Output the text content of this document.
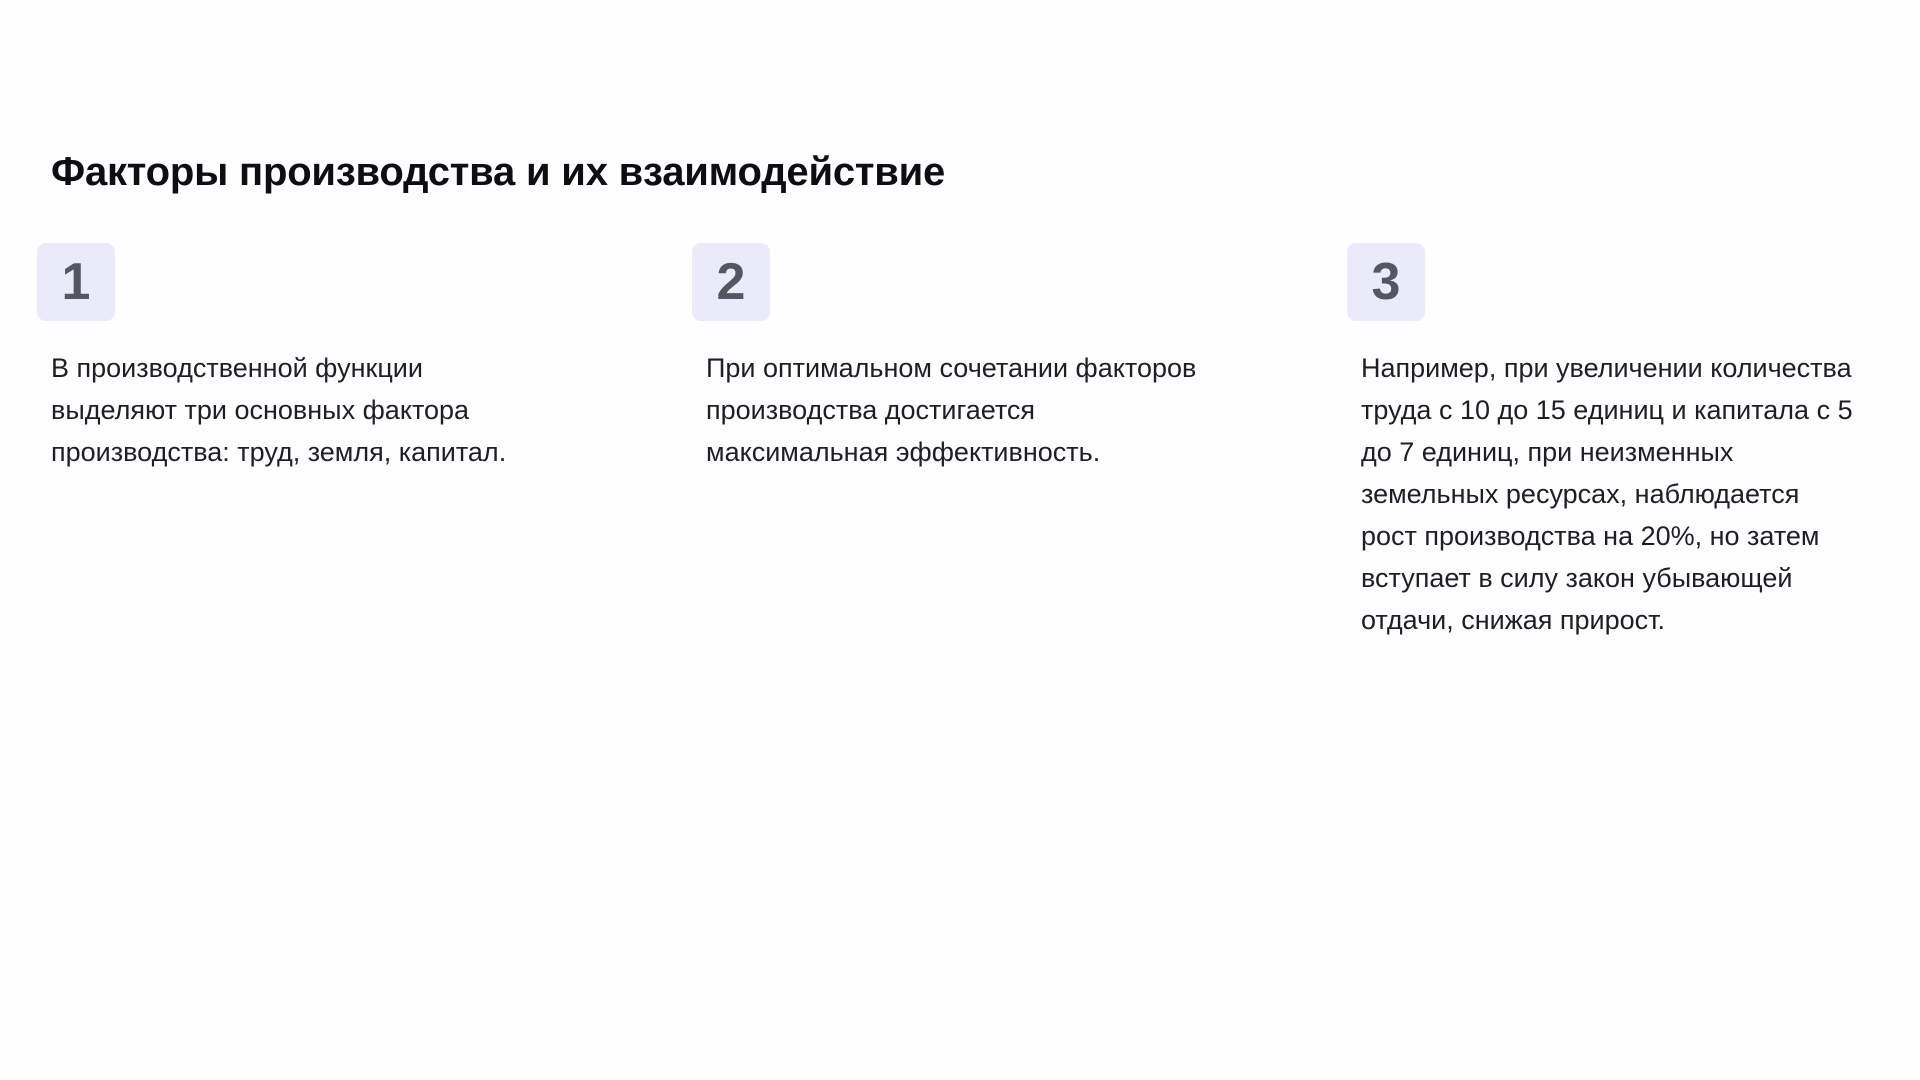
Факторы производства и их взаимодействие
1
В производственной функции выделяют три основных фактора производства: труд, земля, капитал.
2
При оптимальном сочетании факторов производства достигается максимальная эффективность.
3
Например, при увеличении количества труда с 10 до 15 единиц и капитала с 5 до 7 единиц, при неизменных земельных ресурсах, наблюдается рост производства на 20%, но затем вступает в силу закон убывающей отдачи, снижая прирост.
